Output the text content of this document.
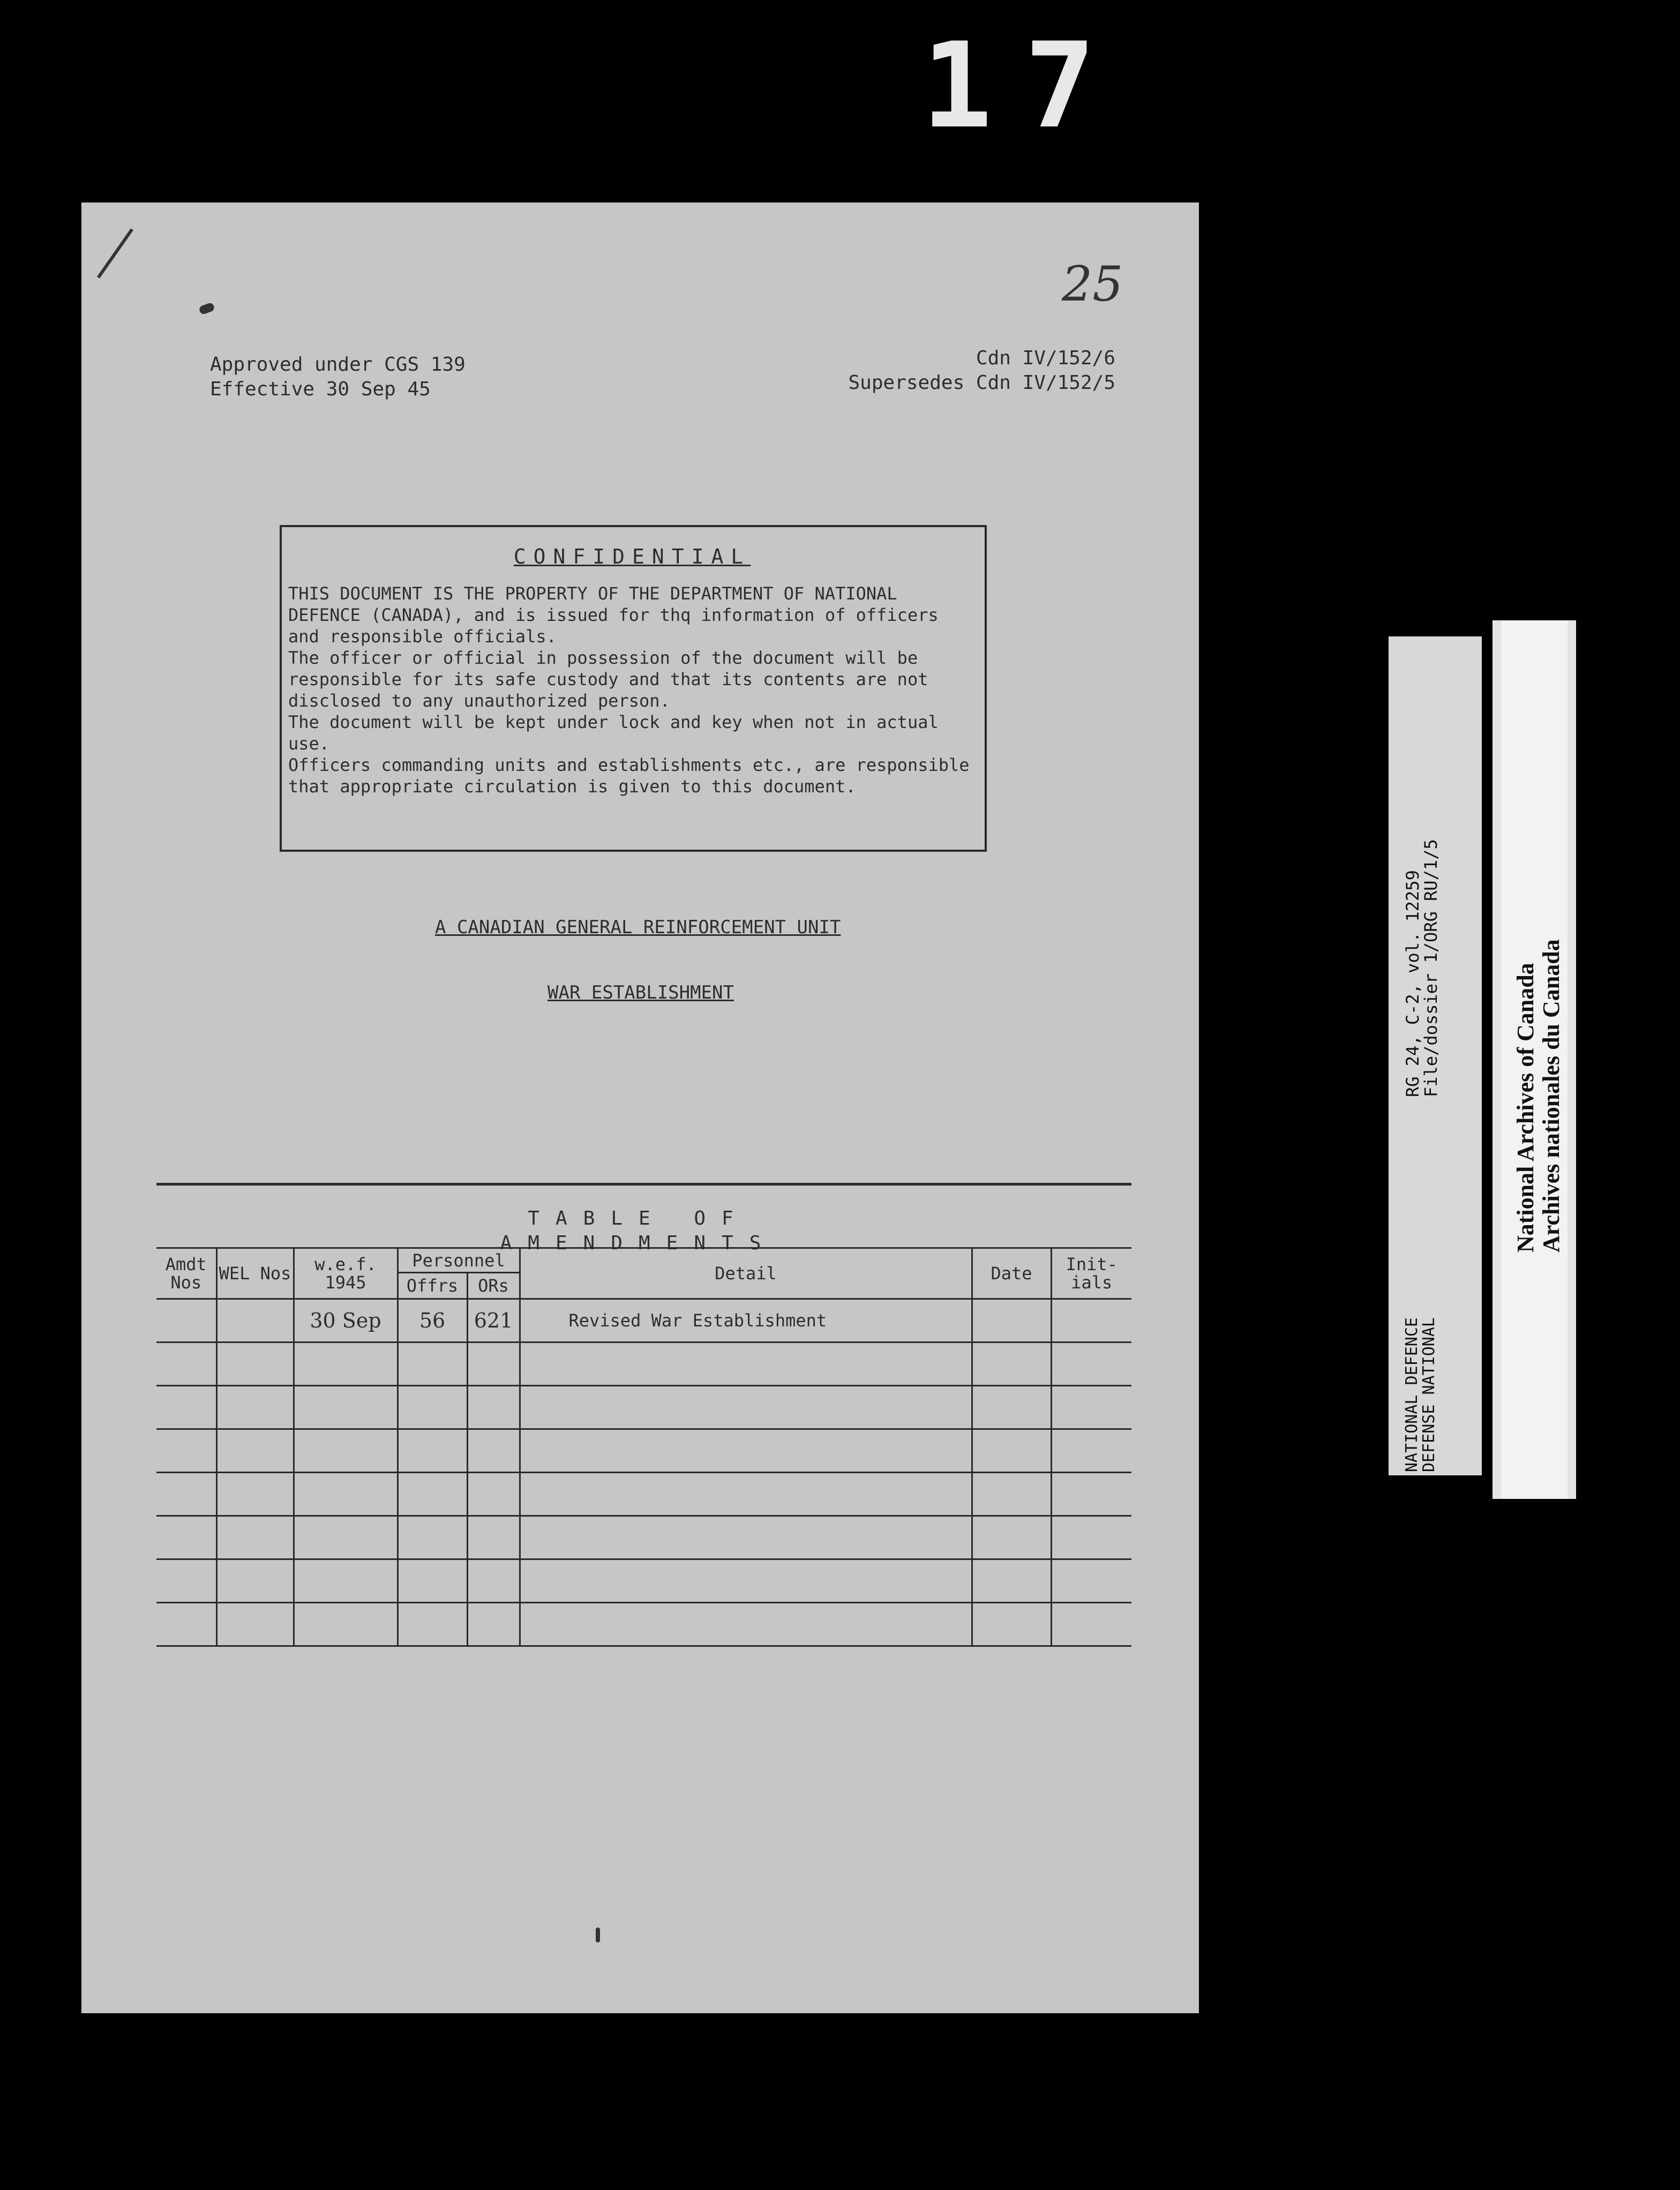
17
25
Approved under CGS 139
Effective 30 Sep 45
Cdn IV/152/6
Supersedes Cdn IV/152/5
CONFIDENTIAL
THIS DOCUMENT IS THE PROPERTY OF THE DEPARTMENT OF NATIONAL DEFENCE (CANADA), and is issued for thq information of officers and responsible officials.
The officer or official in possession of the document will be responsible for its safe custody and that its contents are not disclosed to any unauthorized person.
The document will be kept under lock and key when not in actual use.
Officers commanding units and establishments etc., are responsible that appropriate circulation is given to this document.
A CANADIAN GENERAL REINFORCEMENT UNIT
WAR ESTABLISHMENT
TABLE OF AMENDMENTS
Amdt Nos	WEL Nos	w.e.f. 1945	Personnel		Detail	Date	Init- ials
			Offrs	ORs			
		30 Sep	56	621	Revised War Establishment		

								NATIONAL DEFENCE
DEFENSE NATIONAL
RG 24, C-2, vol. 12259
File/dossier 1/ORG RU/1/5	National Archives of Canada Archives nationales du Canada
